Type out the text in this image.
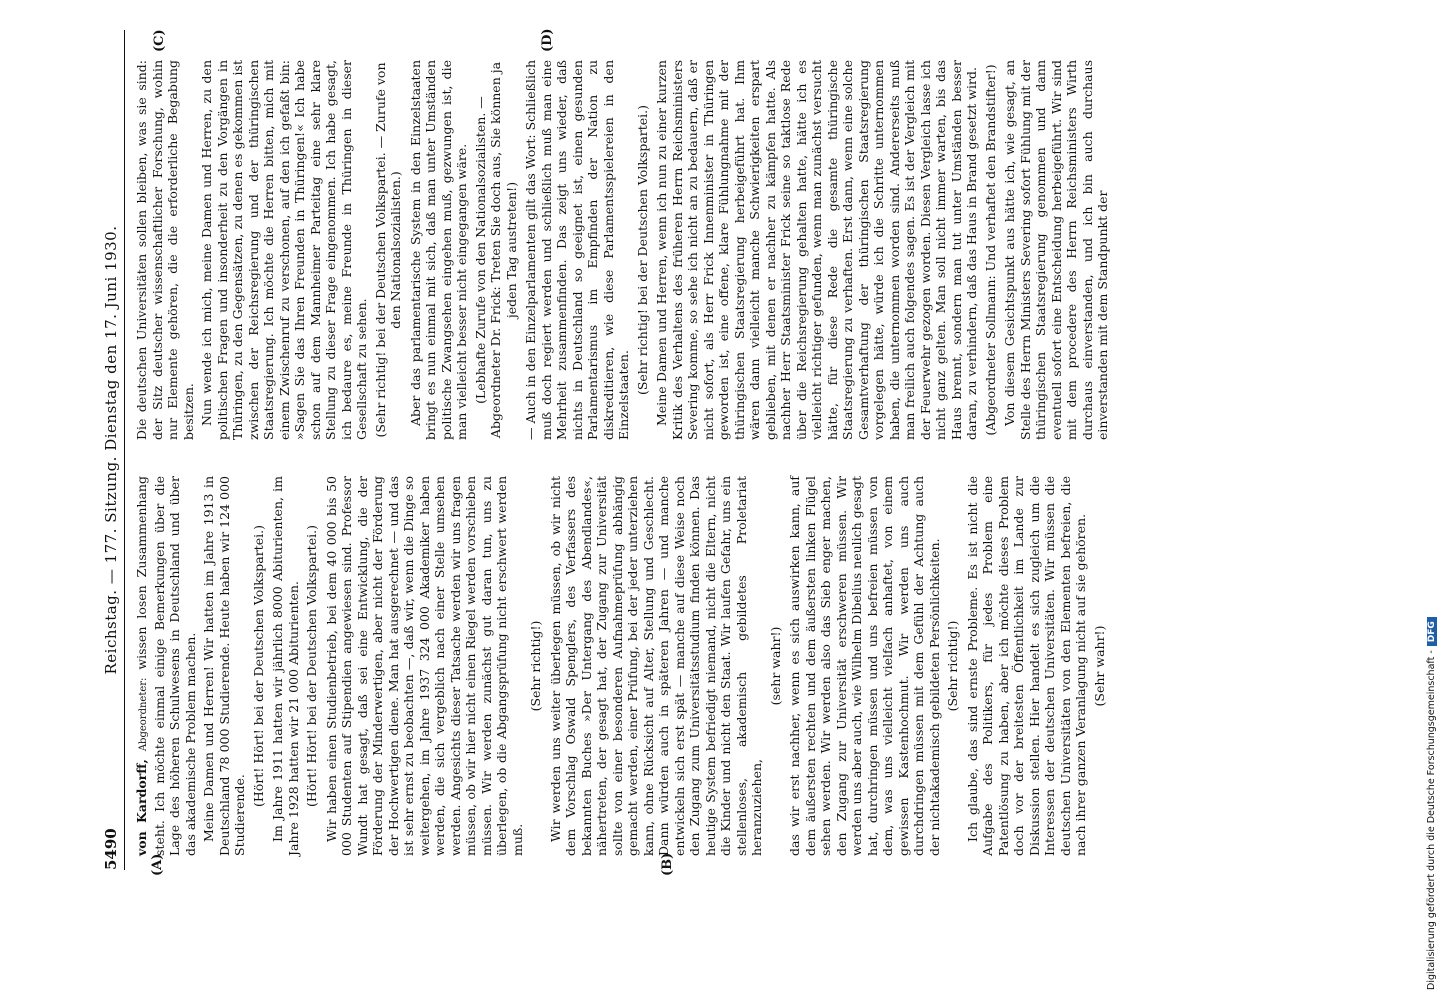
5490
Reichstag. — 177. Sitzung. Dienstag den 17. Juni 1930.
(A)	(B)
(C)	(D)

von Kardorff, Abgeordneter: wissen losen Zusammenhang steht. Ich möchte einmal einige Bemerkungen über die Lage des höheren Schulwesens in Deutschland und über das akademische Problem machen. Meine Damen und Herren! Wir hatten im Jahre 1913 in Deutschland 78 000 Studierende. Heute haben wir 124 000 Studierende.

(Hört! Hört! bei der Deutschen Volkspartei.) Im Jahre 1911 hatten wir jährlich 8000 Abiturienten, im Jahre 1928 hatten wir 21 000 Abiturienten. (Hört! Hört! bei der Deutschen Volkspartei.) Wir haben einen Studienbetrieb, bei dem 40 000 bis 50 000 Studenten auf Stipendien angewiesen sind. Professor Wundt hat gesagt, daß sei eine Entwicklung, die der Förderung der Minderwertigen, aber nicht der Förderung der Hochwertigen diene. Man hat ausgerechnet — und das ist sehr ernst zu beobachten —, daß wir, wenn die Dinge so weitergehen, im Jahre 1937 324 000 Akademiker haben werden, die sich vergeblich nach einer Stelle umsehen werden. Angesichts dieser Tatsache werden wir uns fragen müssen, ob wir hier nicht einen Riegel werden vorschieben müssen. Wir werden zunächst gut daran tun, uns zu überlegen, ob die Abgangsprüfung nicht erschwert werden muß.

(Sehr richtig!) Wir werden uns weiter überlegen müssen, ob wir nicht dem Vorschlag Oswald Spenglers, des Verfassers des bekannten Buches »Der Untergang des Abendlandes«, nähertreten, der gesagt hat, der Zugang zur Universität sollte von einer besonderen Aufnahmeprüfung abhängig gemacht werden, einer Prüfung, bei der jeder unterziehen kann, ohne Rücksicht auf Alter, Stellung und Geschlecht. Dann würden auch in späteren Jahren — und manche entwickeln sich erst spät — manche auf diese Weise noch den Zugang zum Universitätsstudium finden können. Das heutige System befriedigt niemand, nicht die Eltern, nicht die Kinder und nicht den Staat. Wir laufen Gefahr, uns ein stellenloses, akademisch gebildetes Proletariat heranzuziehen,

(sehr wahr!) das wir erst nachher, wenn es sich auswirken kann, auf dem äußersten rechten und dem äußersten linken Flügel sehen werden. Wir werden also das Sieb enger machen, den Zugang zur Universität erschweren müssen. Wir werden uns aber auch, wie Wilhelm Dibelius neulich gesagt hat, durchringen müssen und uns befreien müssen von dem, was uns vielleicht vielfach anhaftet, von einem gewissen Kastenhochmut. Wir werden uns auch durchdringen müssen mit dem Gefühl der Achtung auch der nichtakademisch gebildeten Persönlichkeiten. (Sehr richtig!) Ich glaube, das sind ernste Probleme. Es ist nicht die Aufgabe des Politikers, für jedes Problem eine Patentlösung zu haben, aber ich möchte dieses Problem doch vor der breitesten Öffentlichkeit im Lande zur Diskussion stellen. Hier handelt es sich zugleich um die Interessen der deutschen Universitäten. Wir müssen die deutschen Universitäten von den Elementen befreien, die nach ihrer ganzen Veranlagung nicht auf sie gehören. (Sehr wahr!)

Die deutschen Universitäten sollen bleiben, was sie sind: der Sitz deutscher wissenschaftlicher Forschung, wohin nur Elemente gehören, die die erforderliche Begabung besitzen. Nun wende ich mich, meine Damen und Herren, zu den politischen Fragen und insonderheit zu den Vorgängen in Thüringen, zu den Gegensätzen, zu denen es gekommen ist zwischen der Reichsregierung und der thüringischen Staatsregierung. Ich möchte die Herren bitten, mich mit einem Zwischenruf zu verschonen, auf den ich gefaßt bin: »Sagen Sie das Ihren Freunden in Thüringen!« Ich habe schon auf dem Mannheimer Parteitag eine sehr klare Stellung zu dieser Frage eingenommen. Ich habe gesagt, ich bedaure es, meine Freunde in Thüringen in dieser Gesellschaft zu sehen. (Sehr richtig! bei der Deutschen Volkspartei. — Zurufe von den Nationalsozialisten.) Aber das parlamentarische System in den Einzelstaaten bringt es nun einmal mit sich, daß man unter Umständen politische Zwangsehen eingehen muß, gezwungen ist, die man vielleicht besser nicht eingegangen wäre. (Lebhafte Zurufe von den Nationalsozialisten. — Abgeordneter Dr. Frick: Treten Sie doch aus, Sie können ja jeden Tag austreten!) — Auch in den Einzelparlamenten gilt das Wort: Schließlich muß doch regiert werden und schließlich muß man eine Mehrheit zusammenfinden. Das zeigt uns wieder, daß nichts in Deutschland so geeignet ist, einen gesunden Parlamentarismus im Empfinden der Nation zu diskreditieren, wie diese Parlamentsspielereien in den Einzelstaaten. (Sehr richtig! bei der Deutschen Volkspartei.) Meine Damen und Herren, wenn ich nun zu einer kurzen Kritik des Verhaltens des früheren Herrn Reichsministers Severing komme, so sehe ich nicht an zu bedauern, daß er nicht sofort, als Herr Frick Innenminister in Thüringen geworden ist, eine offene, klare Fühlungnahme mit der thüringischen Staatsregierung herbeigeführt hat. Ihm wären dann vielleicht manche Schwierigkeiten erspart geblieben, mit denen er nachher zu kämpfen hatte. Als nachher Herr Staatsminister Frick seine so taktlose Rede über die Reichsregierung gehalten hatte, hätte ich es vielleicht richtiger gefunden, wenn man zunächst versucht hätte, für diese Rede die gesamte thüringische Staatsregierung zu verhaften. Erst dann, wenn eine solche Gesamtverhaftung der thüringischen Staatsregierung vorgelegen hätte, würde ich die Schritte unternommen haben, die unternommen worden sind. Andererseits muß man freilich auch folgendes sagen. Es ist der Vergleich mit der Feuerwehr gezogen worden. Diesen Vergleich lasse ich nicht ganz gelten. Man soll nicht immer warten, bis das Haus brennt, sondern man tut unter Umständen besser daran, zu verhindern, daß das Haus in Brand gesetzt wird. (Abgeordneter Sollmann: Und verhaftet den Brandstifter!) Von diesem Gesichtspunkt aus hätte ich, wie gesagt, an Stelle des Herrn Ministers Severing sofort Fühlung mit der thüringischen Staatsregierung genommen und dann eventuell sofort eine Entscheidung herbeigeführt. Wir sind mit dem procedere des Herrn Reichsministers Wirth durchaus einverstanden, und ich bin auch durchaus einverstanden mit dem Standpunkt der

Digitalisierung gefördert durch die Deutsche Forschungsgemeinschaft -DFG
